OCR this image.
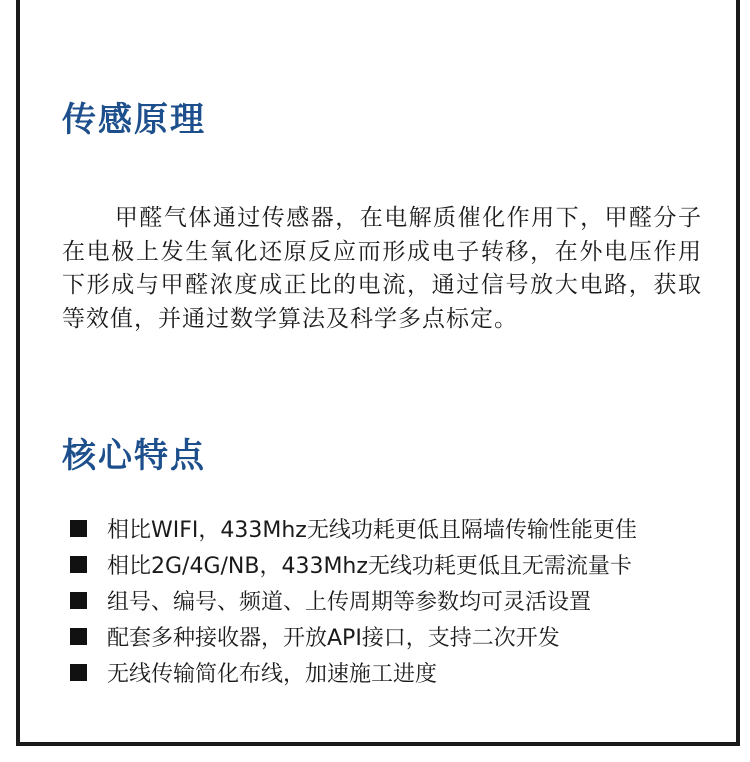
传感原理

甲醛气体通过传感器，在电解质催化作用下，甲醛分子在电极上发生氧化还原反应而形成电子转移，在外电压作用下形成与甲醛浓度成正比的电流，通过信号放大电路，获取等效值，并通过数学算法及科学多点标定。

核心特点
相比WIFI，433Mhz无线功耗更低且隔墙传输性能更佳
相比2G/4G/NB，433Mhz无线功耗更低且无需流量卡
组号、编号、频道、上传周期等参数均可灵活设置
配套多种接收器，开放API接口，支持二次开发
无线传输简化布线，加速施工进度
